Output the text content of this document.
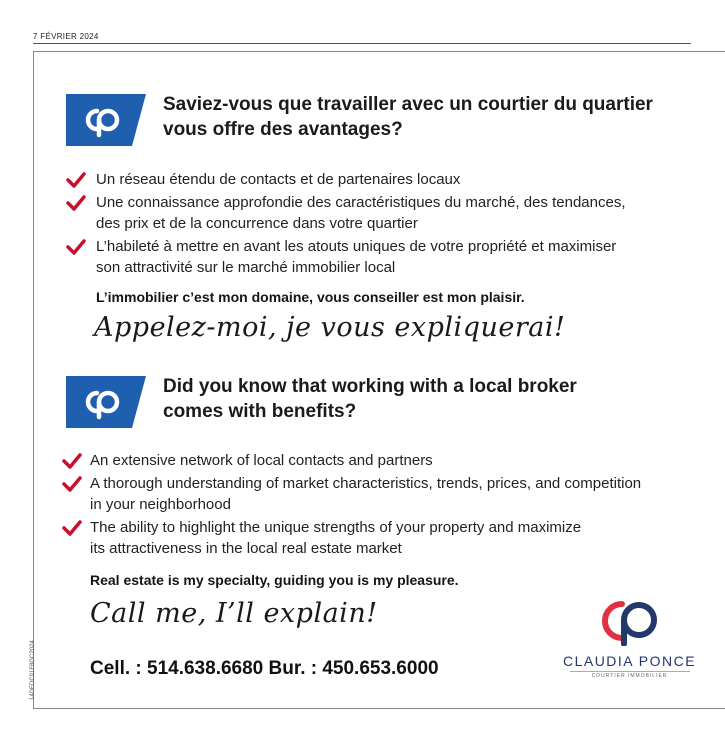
7 FÉVRIER 2024
14DEDC91F8GC2024
Saviez-vous que travailler avec un courtier du quartier
vous offre des avantages?
Un réseau étendu de contacts et de partenaires locaux
Une connaissance approfondie des caractéristiques du marché, des tendances,
des prix et de la concurrence dans votre quartier
L’habileté à mettre en avant les atouts uniques de votre propriété et maximiser
son attractivité sur le marché immobilier local
L’immobilier c’est mon domaine, vous conseiller est mon plaisir.
Appelez-moi, je vous expliquerai!
Did you know that working with a local broker
comes with benefits?
An extensive network of local contacts and partners
A thorough understanding of market characteristics, trends, prices, and competition
in your neighborhood
The ability to highlight the unique strengths of your property and maximize
its attractiveness in the local real estate market
Real estate is my specialty, guiding you is my pleasure.
Call me, I’ll explain!
Cell. : 514.638.6680 Bur. : 450.653.6000	CLAUDIA PONCE
COURTIER IMMOBILIER
